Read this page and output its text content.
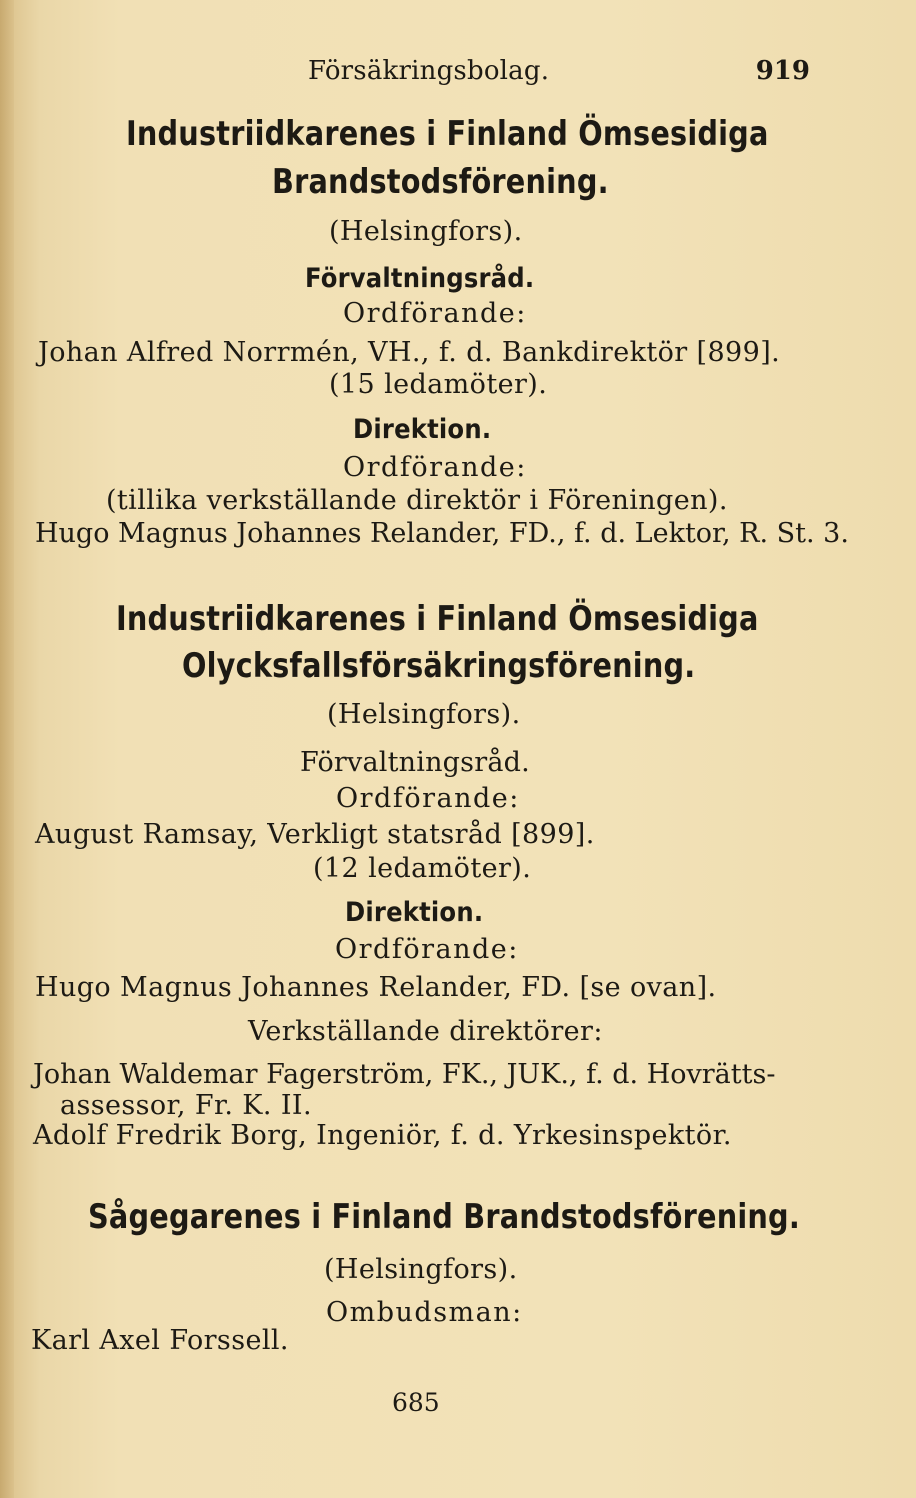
Försäkringsbolag.	919
Industriidkarenes i Finland Ömsesidiga
Brandstodsförening.
(Helsingfors).
Förvaltningsråd.
Ordförande:
Johan Alfred Norrmén, VH., f. d. Bankdirektör [899].
(15 ledamöter).
Direktion.
Ordförande:
(tillika verkställande direktör i Föreningen).
Hugo Magnus Johannes Relander, FD., f. d. Lektor, R. St. 3.
Industriidkarenes i Finland Ömsesidiga
Olycksfallsförsäkringsförening.
(Helsingfors).
Förvaltningsråd.
Ordförande:
August Ramsay, Verkligt statsråd [899].
(12 ledamöter).
Direktion.
Ordförande:
Hugo Magnus Johannes Relander, FD. [se ovan].
Verkställande direktörer:
Johan Waldemar Fagerström, FK., JUK., f. d. Hovrätts-
assessor, Fr. K. II.
Adolf Fredrik Borg, Ingeniör, f. d. Yrkesinspektör.
Sågegarenes i Finland Brandstodsförening.
(Helsingfors).
Ombudsman:
Karl Axel Forssell.
685
